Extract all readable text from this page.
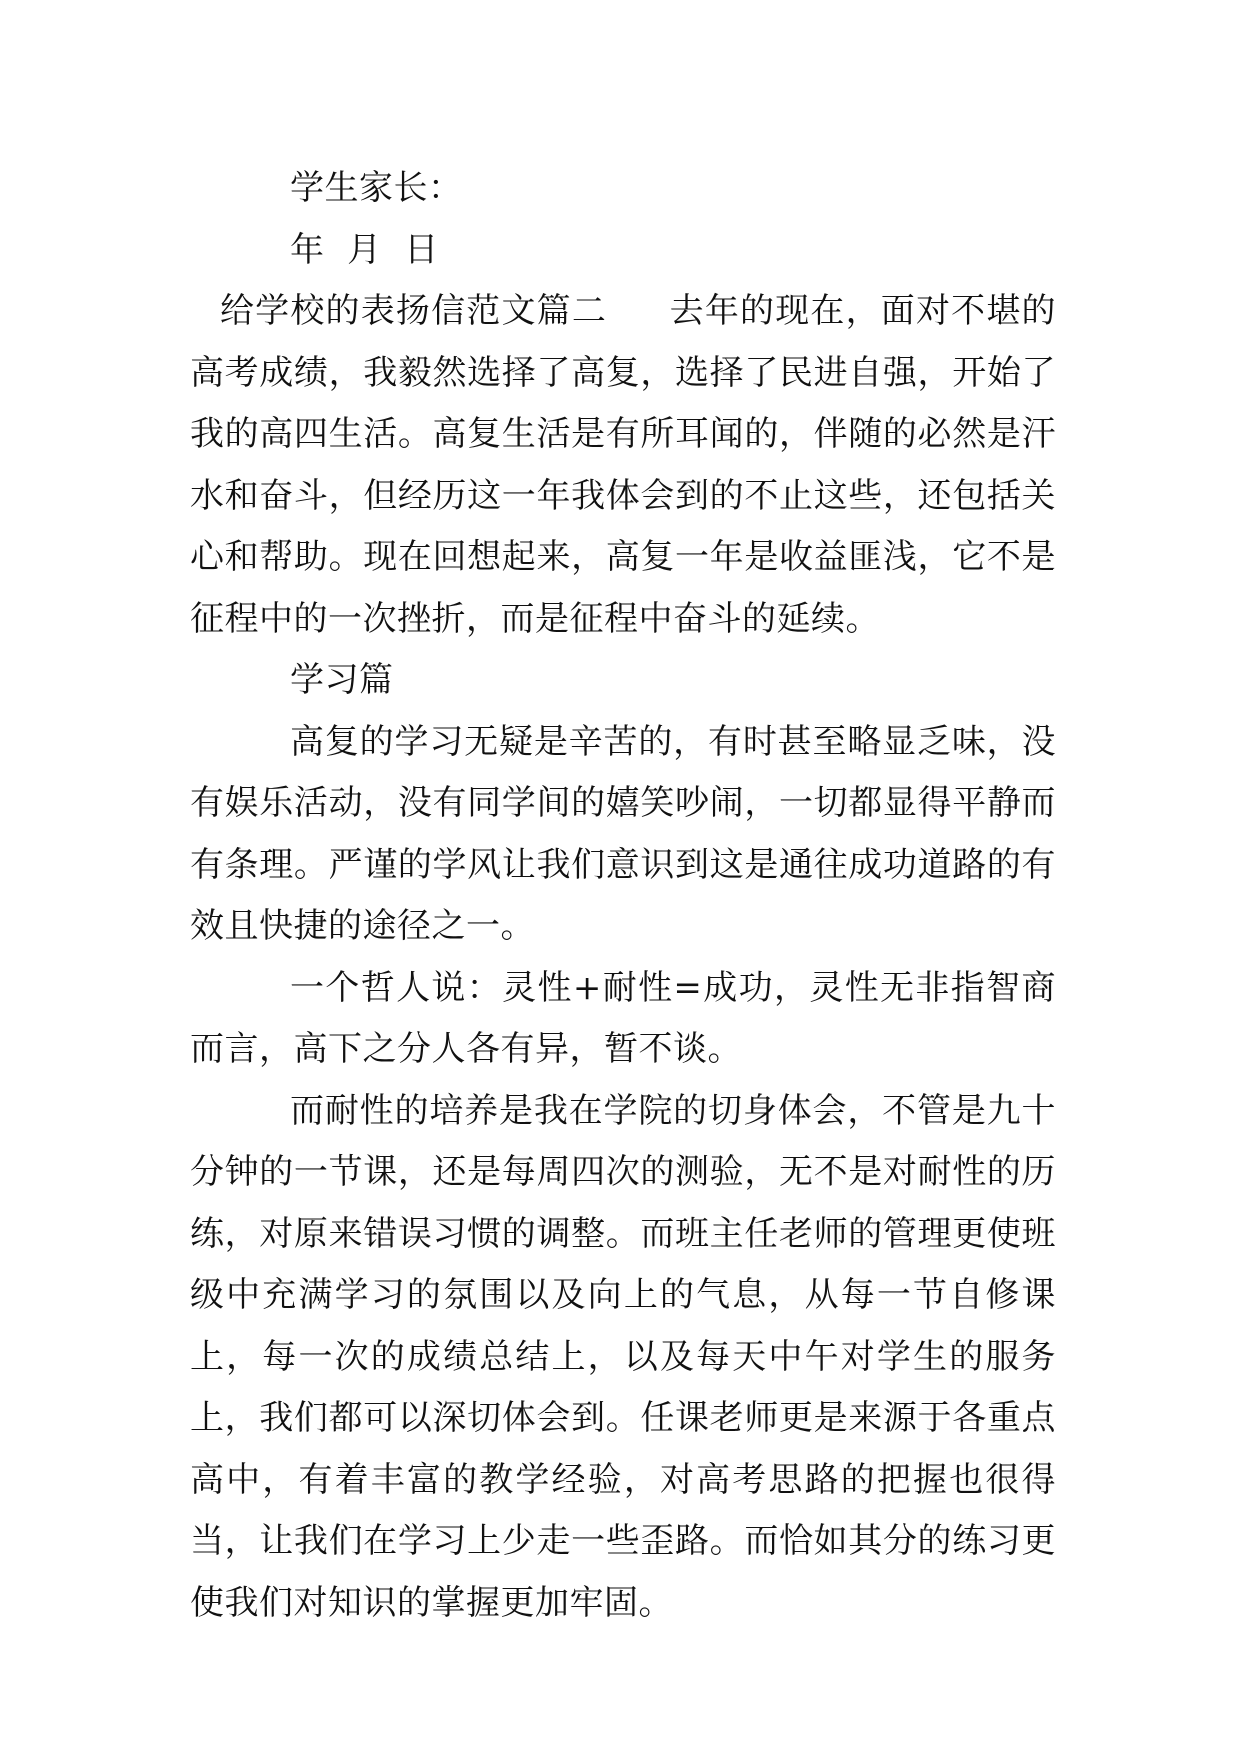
学生家长：

年  月  日

给学校的表扬信范文篇二 去年的现在，面对不堪的高考成绩，我毅然选择了高复，选择了民进自强，开始了我的高四生活。高复生活是有所耳闻的，伴随的必然是汗水和奋斗，但经历这一年我体会到的不止这些，还包括关心和帮助。现在回想起来，高复一年是收益匪浅，它不是征程中的一次挫折，而是征程中奋斗的延续。

学习篇

高复的学习无疑是辛苦的，有时甚至略显乏味，没有娱乐活动，没有同学间的嬉笑吵闹，一切都显得平静而有条理。严谨的学风让我们意识到这是通往成功道路的有效且快捷的途径之一。

一个哲人说：灵性+耐性=成功，灵性无非指智商而言，高下之分人各有异，暂不谈。

而耐性的培养是我在学院的切身体会，不管是九十分钟的一节课，还是每周四次的测验，无不是对耐性的历练，对原来错误习惯的调整。而班主任老师的管理更使班级中充满学习的氛围以及向上的气息，从每一节自修课上，每一次的成绩总结上，以及每天中午对学生的服务上，我们都可以深切体会到。任课老师更是来源于各重点高中，有着丰富的教学经验，对高考思路的把握也很得当，让我们在学习上少走一些歪路。而恰如其分的练习更使我们对知识的掌握更加牢固。
